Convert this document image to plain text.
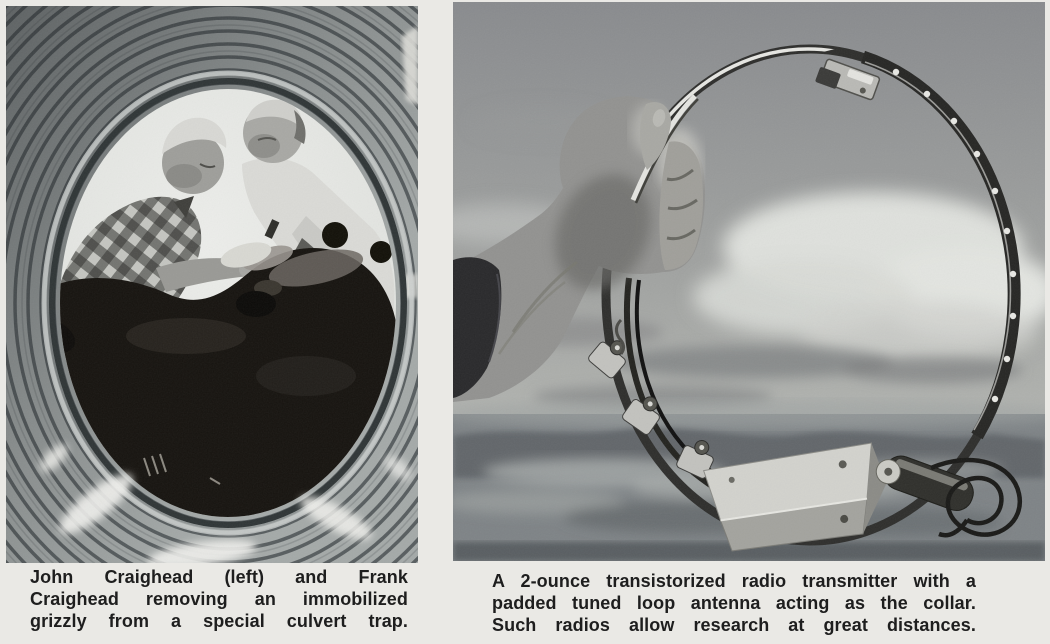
John Craighead (left) and Frank
Craighead removing an immobilized
grizzly from a special culvert trap.
A 2-ounce transistorized radio transmitter with a
padded tuned loop antenna acting as the collar.
Such radios allow research at great distances.
